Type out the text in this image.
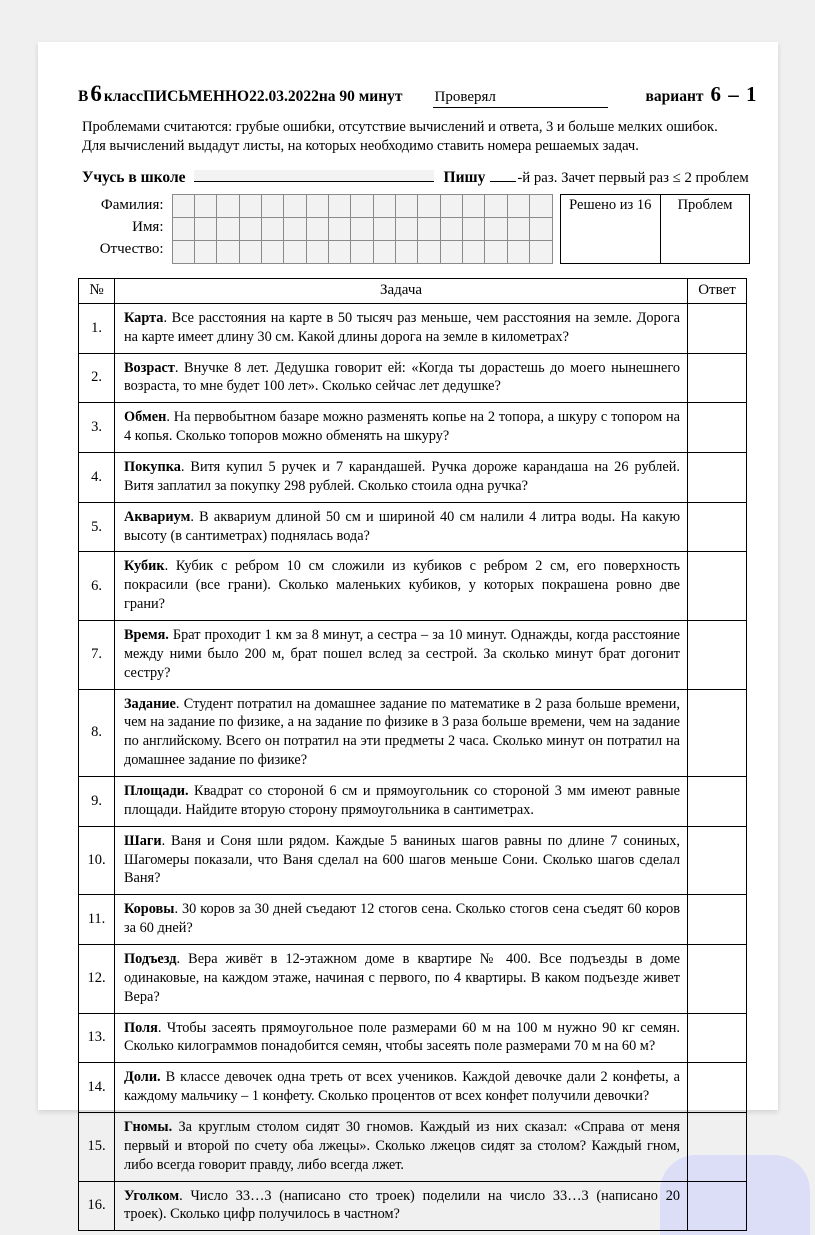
В 6 класс ПИСЬМЕННО 22.03.2022 на 90 минут Проверял	вариант 6 – 1
Проблемами считаются: грубые ошибки, отсутствие вычислений и ответа, 3 и больше мелких ошибок.
Для вычислений выдадут листы, на которых необходимо ставить номера решаемых задач.
Учусь в школе	Пишу -й раз. Зачет первый раз ≤ 2 проблем
Фамилия:
Имя:
Отчество:

Решено из 16	Проблем
№	Задача	Ответ
1.	Карта. Все расстояния на карте в 50 тысяч раз меньше, чем расстояния на земле. Дорога на карте имеет длину 30 см. Какой длины дорога на земле в километрах?	
2.	Возраст. Внучке 8 лет. Дедушка говорит ей: «Когда ты дорастешь до моего нынешнего возраста, то мне будет 100 лет». Сколько сейчас лет дедушке?	
3.	Обмен. На первобытном базаре можно разменять копье на 2 топора, а шкуру с топором на 4 копья. Сколько топоров можно обменять на шкуру?	
4.	Покупка. Витя купил 5 ручек и 7 карандашей. Ручка дороже карандаша на 26 рублей. Витя заплатил за покупку 298 рублей. Сколько стоила одна ручка?	
5.	Аквариум. В аквариум длиной 50 см и шириной 40 см налили 4 литра воды. На какую высоту (в сантиметрах) поднялась вода?	
6.	Кубик. Кубик с ребром 10 см сложили из кубиков с ребром 2 см, его поверхность покрасили (все грани). Сколько маленьких кубиков, у которых покрашена ровно две грани?	
7.	Время. Брат проходит 1 км за 8 минут, а сестра – за 10 минут. Однажды, когда расстояние между ними было 200 м, брат пошел вслед за сестрой. За сколько минут брат догонит сестру?	
8.	Задание. Студент потратил на домашнее задание по математике в 2 раза больше времени, чем на задание по физике, а на задание по физике в 3 раза больше времени, чем на задание по английскому. Всего он потратил на эти предметы 2 часа. Сколько минут он потратил на домашнее задание по физике?	
9.	Площади. Квадрат со стороной 6 см и прямоугольник со стороной 3 мм имеют равные площади. Найдите вторую сторону прямоугольника в сантиметрах.	
10.	Шаги. Ваня и Соня шли рядом. Каждые 5 ваниных шагов равны по длине 7 сониных, Шагомеры показали, что Ваня сделал на 600 шагов меньше Сони. Сколько шагов сделал Ваня?	
11.	Коровы. 30 коров за 30 дней съедают 12 стогов сена. Сколько стогов сена съедят 60 коров за 60 дней?	
12.	Подъезд. Вера живёт в 12-этажном доме в квартире № 400. Все подъезды в доме одинаковые, на каждом этаже, начиная с первого, по 4 квартиры. В каком подъезде живет Вера?	
13.	Поля. Чтобы засеять прямоугольное поле размерами 60 м на 100 м нужно 90 кг семян. Сколько килограммов понадобится семян, чтобы засеять поле размерами 70 м на 60 м?	
14.	Доли. В классе девочек одна треть от всех учеников. Каждой девочке дали 2 конфеты, а каждому мальчику – 1 конфету. Сколько процентов от всех конфет получили девочки?	
15.	Гномы. За круглым столом сидят 30 гномов. Каждый из них сказал: «Справа от меня первый и второй по счету оба лжецы». Сколько лжецов сидят за столом? Каждый гном, либо всегда говорит правду, либо всегда лжет.	
16.	Уголком. Число 33…3 (написано сто троек) поделили на число 33…3 (написано 20 троек). Сколько цифр получилось в частном?	
